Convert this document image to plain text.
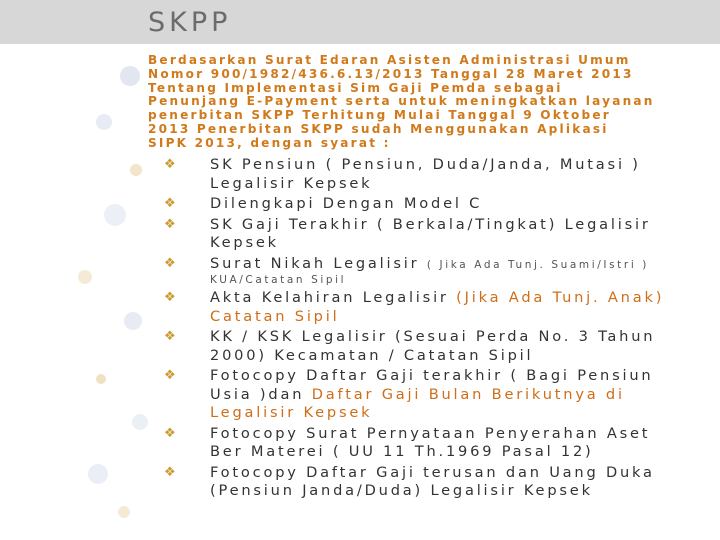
SKPP
Berdasarkan Surat Edaran Asisten Administrasi Umum
Nomor 900/1982/436.6.13/2013 Tanggal 28 Maret 2013
Tentang Implementasi Sim Gaji Pemda sebagai
Penunjang E-Payment serta untuk meningkatkan layanan
penerbitan SKPP Terhitung Mulai Tanggal 9 Oktober
2013 Penerbitan SKPP sudah Menggunakan Aplikasi
SIPK 2013, dengan syarat :
❖	SK Pensiun ( Pensiun, Duda/Janda, Mutasi )
Legalisir Kepsek
❖	Dilengkapi Dengan Model C
❖	SK Gaji Terakhir ( Berkala/Tingkat) Legalisir
Kepsek
❖	Surat Nikah Legalisir ( Jika Ada Tunj. Suami/Istri )
KUA/Catatan Sipil
❖	Akta Kelahiran Legalisir (Jika Ada Tunj. Anak)
Catatan Sipil
❖	KK / KSK Legalisir (Sesuai Perda No. 3 Tahun
2000) Kecamatan / Catatan Sipil
❖	Fotocopy Daftar Gaji terakhir ( Bagi Pensiun
Usia )dan Daftar Gaji Bulan Berikutnya di
Legalisir Kepsek
❖	Fotocopy Surat Pernyataan Penyerahan Aset
Ber Materei ( UU 11 Th.1969 Pasal 12)
❖	Fotocopy Daftar Gaji terusan dan Uang Duka
(Pensiun Janda/Duda) Legalisir Kepsek
